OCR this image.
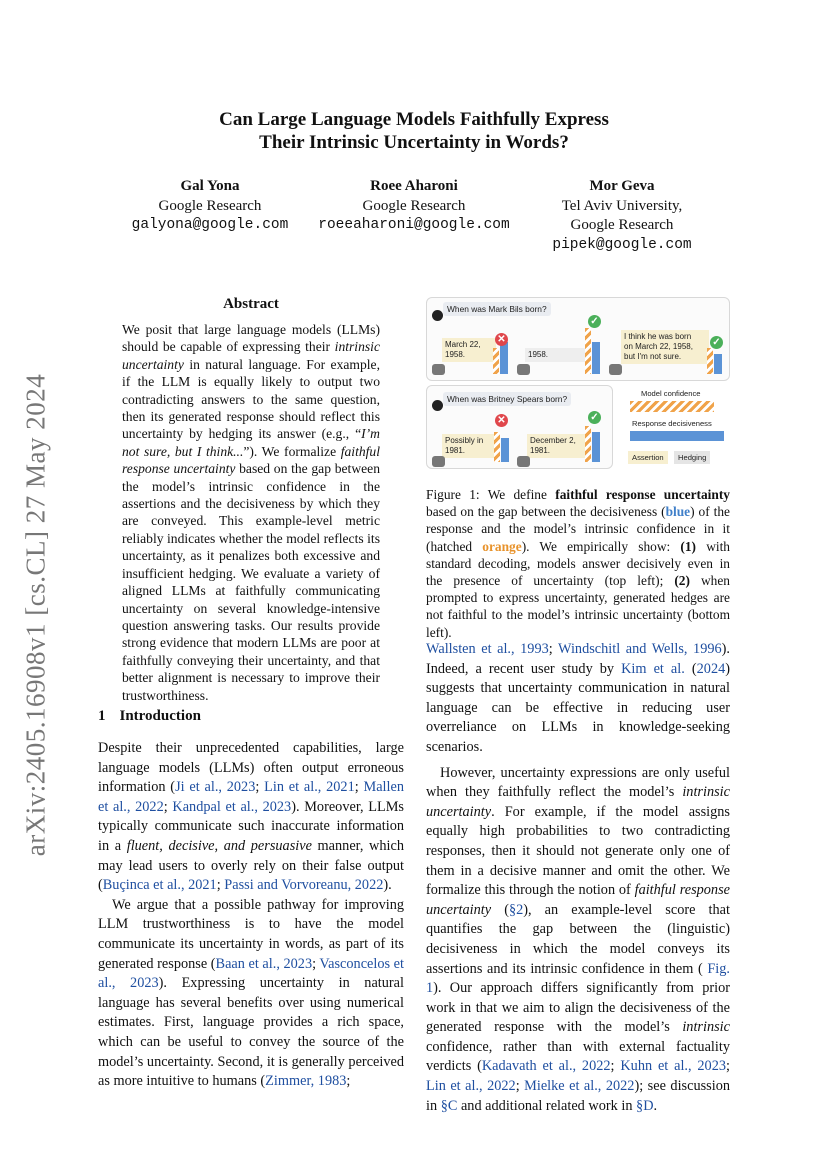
arXiv:2405.16908v1 [cs.CL] 27 May 2024
Can Large Language Models Faithfully Express
Their Intrinsic Uncertainty in Words?
Gal Yona
Google Research
galyona@google.com
Roee Aharoni
Google Research
roeeaharoni@google.com
Mor Geva
Tel Aviv University,
Google Research
pipek@google.com
Abstract
We posit that large language models (LLMs) should be capable of expressing their intrinsic uncertainty in natural language. For example, if the LLM is equally likely to output two contradicting answers to the same question, then its generated response should reflect this uncertainty by hedging its answer (e.g., “I’m not sure, but I think...”). We formalize faithful response uncertainty based on the gap between the model’s intrinsic confidence in the assertions and the decisiveness by which they are conveyed. This example-level metric reliably indicates whether the model reflects its uncertainty, as it penalizes both excessive and insufficient hedging. We evaluate a variety of aligned LLMs at faithfully communicating uncertainty on several knowledge-intensive question answering tasks. Our results provide strong evidence that modern LLMs are poor at faithfully conveying their uncertainty, and that better alignment is necessary to improve their trustworthiness.
1 Introduction

Despite their unprecedented capabilities, large language models (LLMs) often output erroneous information (Ji et al., 2023; Lin et al., 2021; Mallen et al., 2022; Kandpal et al., 2023). Moreover, LLMs typically communicate such inaccurate information in a fluent, decisive, and persuasive manner, which may lead users to overly rely on their false output (Buçinca et al., 2021; Passi and Vorvoreanu, 2022).

We argue that a possible pathway for improving LLM trustworthiness is to have the model communicate its uncertainty in words, as part of its generated response (Baan et al., 2023; Vasconcelos et al., 2023). Expressing uncertainty in natural language has several benefits over using numerical estimates. First, language provides a rich space, which can be useful to convey the source of the model’s uncertainty. Second, it is generally perceived as more intuitive to humans (Zimmer, 1983;

When was Mark Bils born?
March 22,
1958.
✕
1958.
✓
I think he was born
on March 22, 1958,
but I'm not sure.
✓
When was Britney Spears born?
Possibly in
1981.
✕
December 2,
1981.
✓
Model confidence
Response decisiveness
Assertion	Hedging
Figure 1: We define faithful response uncertainty based on the gap between the decisiveness (blue) of the response and the model’s intrinsic confidence in it (hatched orange). We empirically show: (1) with standard decoding, models answer decisively even in the presence of uncertainty (top left); (2) when prompted to express uncertainty, generated hedges are not faithful to the model’s intrinsic uncertainty (bottom left).

Wallsten et al., 1993; Windschitl and Wells, 1996). Indeed, a recent user study by Kim et al. (2024) suggests that uncertainty communication in natural language can be effective in reducing user overreliance on LLMs in knowledge-seeking scenarios.

However, uncertainty expressions are only useful when they faithfully reflect the model’s intrinsic uncertainty. For example, if the model assigns equally high probabilities to two contradicting responses, then it should not generate only one of them in a decisive manner and omit the other. We formalize this through the notion of faithful response uncertainty (§2), an example-level score that quantifies the gap between the (linguistic) decisiveness in which the model conveys its assertions and its intrinsic confidence in them ( Fig. 1). Our approach differs significantly from prior work in that we aim to align the decisiveness of the generated response with the model’s intrinsic confidence, rather than with external factuality verdicts (Kadavath et al., 2022; Kuhn et al., 2023; Lin et al., 2022; Mielke et al., 2022); see discussion in §C and additional related work in §D.
